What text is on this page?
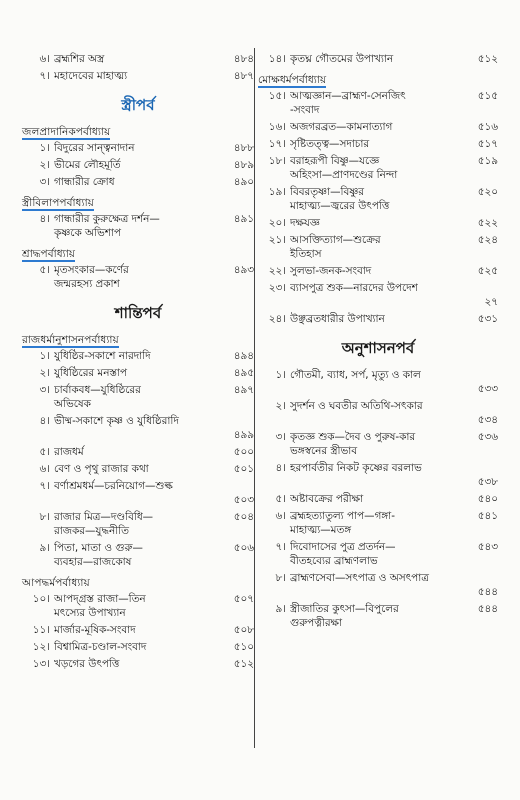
৬। ব্রহ্মশির অস্ত্র	৪৮৪
৭। মহাদেবের মাহাত্ম্য	৪৮৭
স্ত্রীপর্ব
জলপ্রাদানিকপর্বাধ্যায়
১। বিদুরের সান্ত্বনাদান	৪৮৮
২। ভীমের লৌহমূর্তি	৪৮৯
৩। গান্ধারীর ক্রোধ	৪৯০
স্ত্রীবিলাপপর্বাধ্যায়
৪। গান্ধারীর কুরুক্ষেত্র দর্শন—	৪৯১
কৃষ্ণকে অভিশাপ
শ্রাদ্ধপর্বাধ্যায়
৫। মৃতসংকার—কর্ণের	৪৯৩
জন্মরহস্য প্রকাশ
শান্তিপর্ব
রাজধর্মানুশাসনপর্বাধ্যায়
১। যুধিষ্ঠির-সকাশে নারদাদি	৪৯৪
২। যুধিষ্ঠিরের মনস্তাপ	৪৯৫
৩। চার্বাকবধ—যুধিষ্ঠিরের	৪৯৭
অভিষেক
৪। ভীষ্ম-সকাশে কৃষ্ণ ও যুধিষ্ঠিরাদি
৪৯৯
৫। রাজধর্ম	৫০০
৬। বেণ ও পৃথু রাজার কথা	৫০১
৭। বর্ণাশ্রমধর্ম—চরনিয়োগ—শুল্ক
৫০৩
৮। রাজার মিত্র—দণ্ডবিধি—	৫০৪
রাজকর—যুদ্ধনীতি
৯। পিতা, মাতা ও গুরু—	৫০৬
ব্যবহার—রাজকোষ
আপদ্ধর্মপর্বাধ্যায়
১০। আপদ্গ্রস্ত রাজা—তিন	৫০৭
মৎস্যের উপাখ্যান
১১। মার্জার-মূষিক-সংবাদ	৫০৮
১২। বিশ্বামিত্র-চণ্ডাল-সংবাদ	৫১০
১৩। খড়গের উৎপত্তি	৫১২
১৪। কৃতঘ্ন গৌতমের উপাখ্যান	৫১২
মোক্ষধর্মপর্বাধ্যায়
১৫। আত্মজ্ঞান—ব্রাহ্মণ-সেনজিৎ	৫১৫
-সংবাদ
১৬। অজগরব্রত—কামনাত্যাগ	৫১৬
১৭। সৃষ্টিতত্ত্ব—সদাচার	৫১৭
১৮। বরাহরূপী বিষ্ণু—যজ্ঞে	৫১৯
অহিংসা—প্রাণদণ্ডের নিন্দা
১৯। বিবরতৃষ্ণা—বিষ্ণুর	৫২০
মাহাত্ম্য—জ্বরের উৎপত্তি
২০। দক্ষযজ্ঞ	৫২২
২১। আসক্তিত্যাগ—শুক্রের	৫২৪
ইতিহাস
২২। সুলভা-জনক-সংবাদ	৫২৫
২৩। ব্যাসপুত্র শুক—নারদের উপদেশ
২৭
২৪। উঞ্ছব্রতধারীর উপাখ্যান	৫৩১
অনুশাসনপর্ব
১। গৌতমী, ব্যাধ, সর্প, মৃত্যু ও কাল
৫৩৩
২। সুদর্শন ও ঘবতীর অতিথি-সৎকার
৫৩৪
৩। কৃতজ্ঞ শুক—দৈব ও পুরুষ-কার	৫৩৬
ভঙ্গস্বনের স্ত্রীভাব
৪। হরপার্বতীর নিকট কৃষ্ণের বরলাভ
৫৩৮
৫। অষ্টাবক্রের পরীক্ষা	৫৪০
৬। ব্রহ্মহত্যাতুল্য পাপ—গঙ্গা-	৫৪১
মাহাত্ম্য—মতঙ্গ
৭। দিবোদাসের পুত্র প্রতর্দন—	৫৪৩
বীতহব্যের ব্রাহ্মণলাভ
৮। ব্রাহ্মণসেবা—সৎপাত্র ও অসৎপাত্র
৫৪৪
৯। স্ত্রীজাতির কুৎসা—বিপুলের	৫৪৪
গুরুপত্নীরক্ষা
